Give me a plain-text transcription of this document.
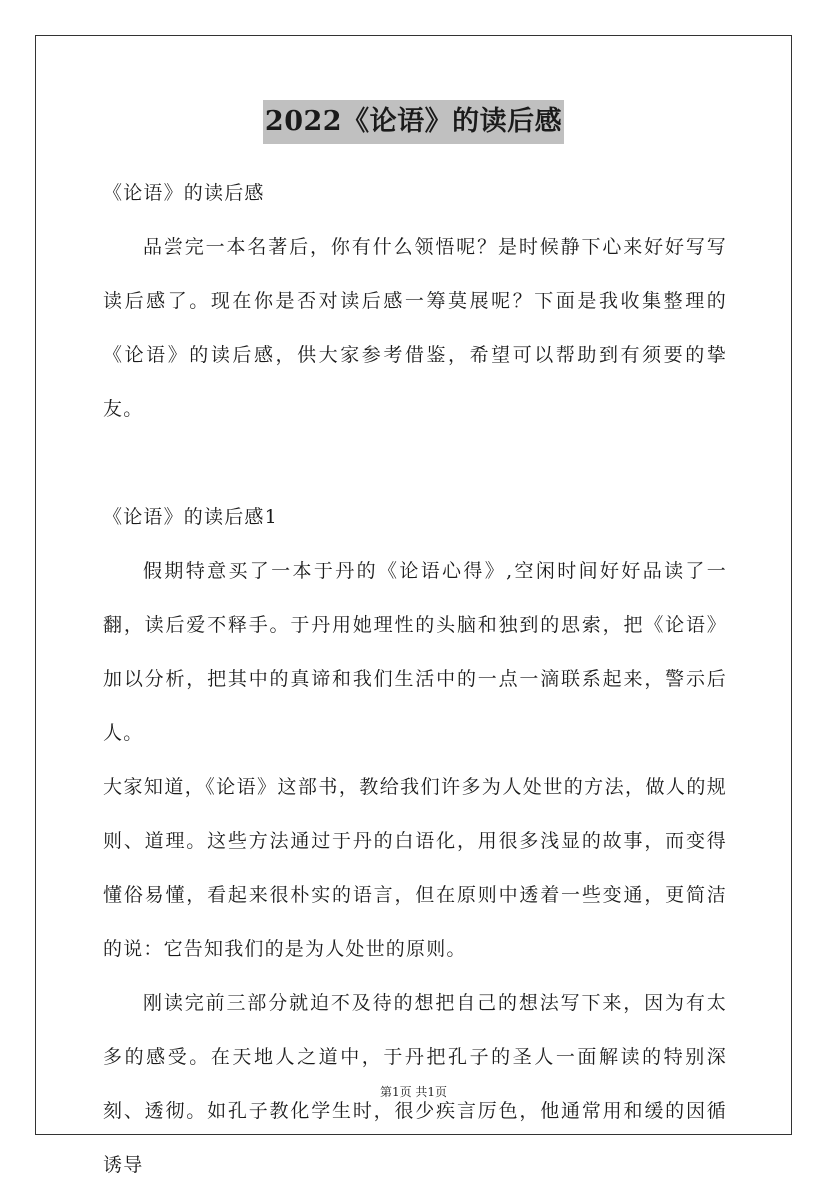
2022《论语》的读后感
《论语》的读后感

品尝完一本名著后，你有什么领悟呢？是时候静下心来好好写写读后感了。现在你是否对读后感一筹莫展呢？下面是我收集整理的《论语》的读后感，供大家参考借鉴，希望可以帮助到有须要的挚友。

《论语》的读后感1

假期特意买了一本于丹的《论语心得》,空闲时间好好品读了一翻，读后爱不释手。于丹用她理性的头脑和独到的思索，把《论语》加以分析，把其中的真谛和我们生活中的一点一滴联系起来，警示后人。

大家知道，《论语》这部书，教给我们许多为人处世的方法，做人的规则、道理。这些方法通过于丹的白语化，用很多浅显的故事，而变得懂俗易懂，看起来很朴实的语言，但在原则中透着一些变通，更简洁的说：它告知我们的是为人处世的原则。

刚读完前三部分就迫不及待的想把自己的想法写下来，因为有太多的感受。在天地人之道中，于丹把孔子的圣人一面解读的特别深刻、透彻。如孔子教化学生时，很少疾言厉色，他通常用和缓的因循诱导

第1页 共1页
